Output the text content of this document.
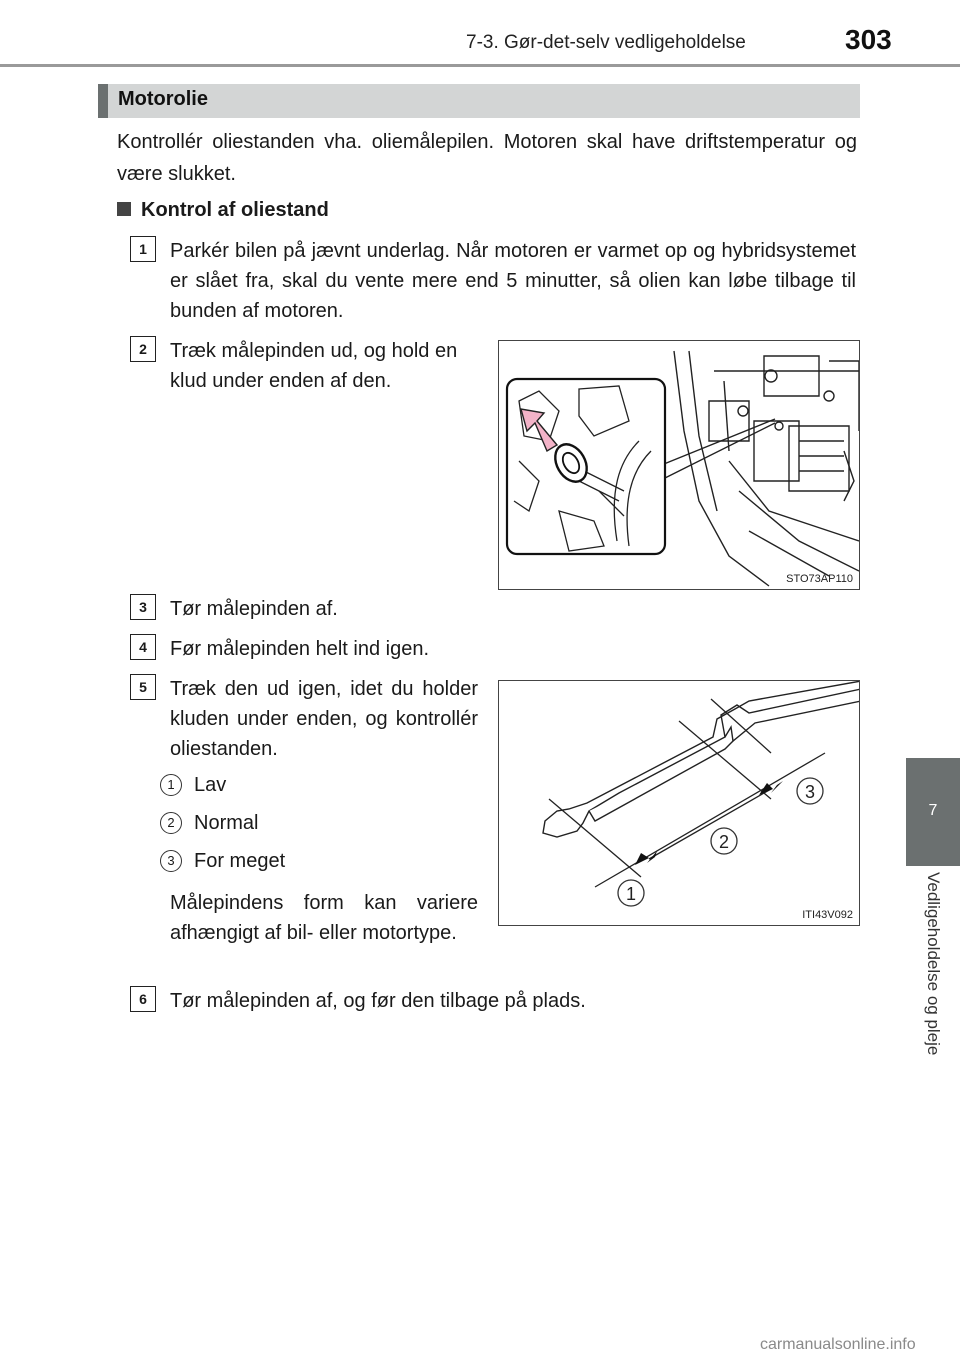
7-3. Gør-det-selv vedligeholdelse	303
7
Vedligeholdelse og pleje
Motorolie

Kontrollér oliestanden vha. oliemålepilen. Motoren skal have driftstemperatur og være slukket.

Kontrol af oliestand
1	Parkér bilen på jævnt underlag. Når motoren er varmet op og hybridsystemet er slået fra, skal du vente mere end 5 minutter, så olien kan løbe tilbage til bunden af motoren.

2	Træk målepinden ud, og hold en klud under enden af den.

STO73AP110
3	Tør målepinden af.

4	Før målepinden helt ind igen.

5	Træk den ud igen, idet du holder kluden under enden, og kontrollér oliestanden.

1 Lav
2 Normal
3 For meget

Målepindens form kan variere afhængigt af bil- eller motortype.

1
2
3
ITI43V092
6	Tør målepinden af, og før den tilbage på plads.

carmanualsonline.info
